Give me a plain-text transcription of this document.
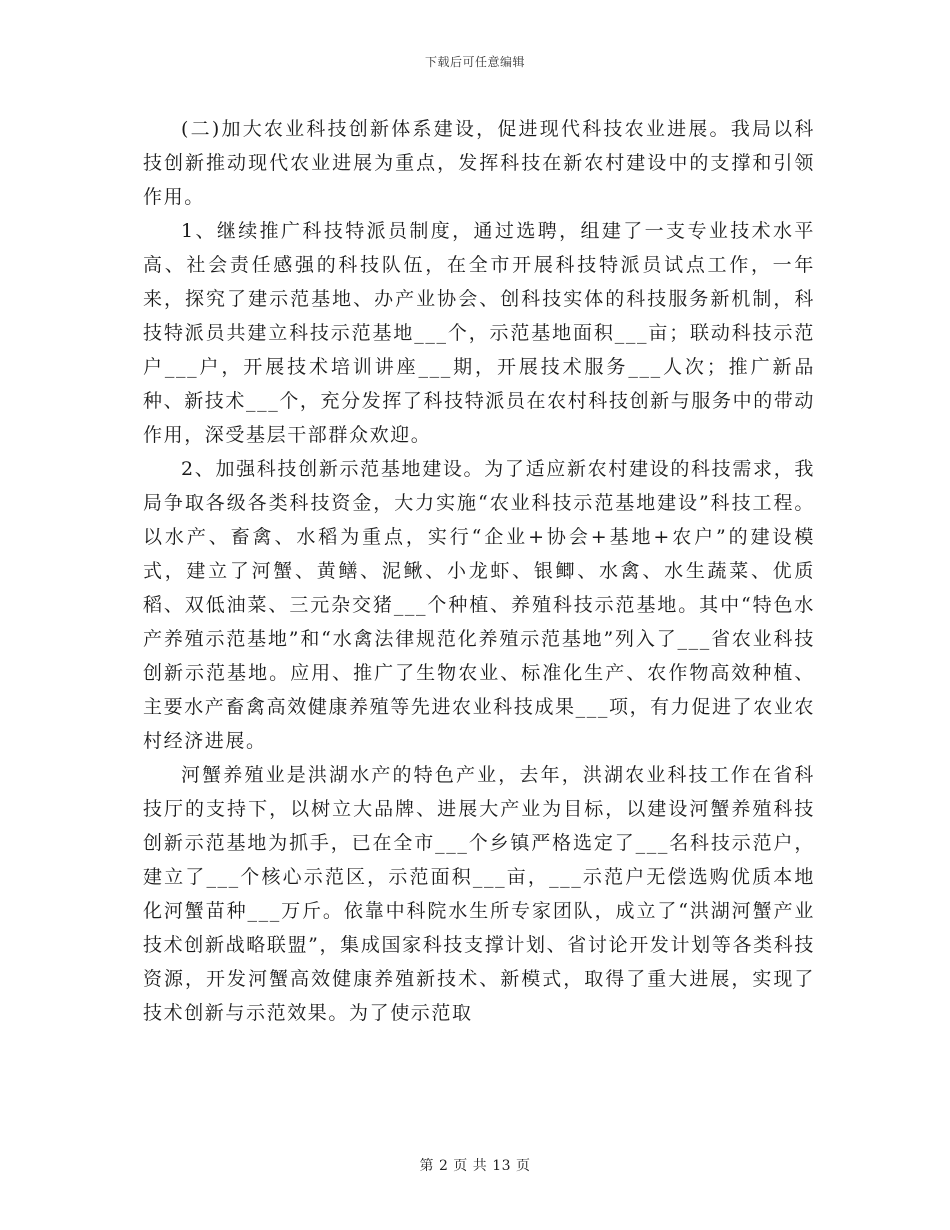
下载后可任意编辑

(二)加大农业科技创新体系建设，促进现代科技农业进展。我局以科技创新推动现代农业进展为重点，发挥科技在新农村建设中的支撑和引领作用。

1、继续推广科技特派员制度，通过选聘，组建了一支专业技术水平高、社会责任感强的科技队伍，在全市开展科技特派员试点工作，一年来，探究了建示范基地、办产业协会、创科技实体的科技服务新机制，科技特派员共建立科技示范基地___个，示范基地面积___亩；联动科技示范户___户，开展技术培训讲座___期，开展技术服务___人次；推广新品种、新技术___个，充分发挥了科技特派员在农村科技创新与服务中的带动作用，深受基层干部群众欢迎。

2、加强科技创新示范基地建设。为了适应新农村建设的科技需求，我局争取各级各类科技资金，大力实施“农业科技示范基地建设”科技工程。以水产、畜禽、水稻为重点，实行“企业+协会+基地+农户”的建设模式，建立了河蟹、黄鳝、泥鳅、小龙虾、银鲫、水禽、水生蔬菜、优质稻、双低油菜、三元杂交猪___个种植、养殖科技示范基地。其中“特色水产养殖示范基地”和“水禽法律规范化养殖示范基地”列入了___省农业科技创新示范基地。应用、推广了生物农业、标准化生产、农作物高效种植、主要水产畜禽高效健康养殖等先进农业科技成果___项，有力促进了农业农村经济进展。

河蟹养殖业是洪湖水产的特色产业，去年，洪湖农业科技工作在省科技厅的支持下，以树立大品牌、进展大产业为目标，以建设河蟹养殖科技创新示范基地为抓手，已在全市___个乡镇严格选定了___名科技示范户，建立了___个核心示范区，示范面积___亩，___示范户无偿选购优质本地化河蟹苗种___万斤。依靠中科院水生所专家团队，成立了“洪湖河蟹产业技术创新战略联盟”，集成国家科技支撑计划、省讨论开发计划等各类科技资源，开发河蟹高效健康养殖新技术、新模式，取得了重大进展，实现了技术创新与示范效果。为了使示范取

第 2 页 共 13 页
